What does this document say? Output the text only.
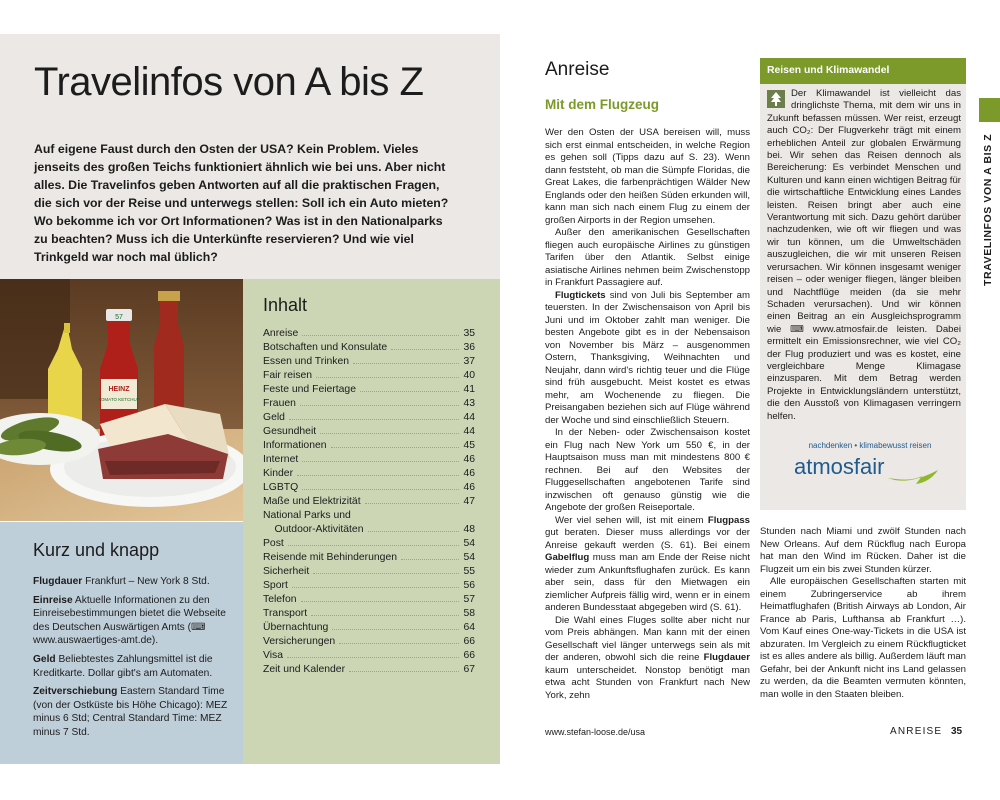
Travelinfos von A bis Z
Auf eigene Faust durch den Osten der USA? Kein Problem. Vieles jenseits des großen Teichs funktioniert ähnlich wie bei uns. Aber nicht alles. Die Travelinfos geben Antworten auf all die praktischen Fragen, die sich vor der Reise und unterwegs stellen: Soll ich ein Auto mieten? Wo bekomme ich vor Ort Informationen? Was ist in den Nationalparks zu beachten? Muss ich die Unterkünfte reservieren? Und wie viel Trinkgeld war noch mal üblich?
57
HEINZ
TOMATO KETCHUP
Kurz und knapp
Flugdauer Frankfurt – New York 8 Std.
Einreise Aktuelle Informationen zu den Einreisebestimmungen bietet die Webseite des Deutschen Auswärtigen Amts (⌨ www.auswaertiges-amt.de).
Geld Beliebtestes Zahlungsmittel ist die Kreditkarte. Dollar gibt's am Automaten.
Zeitverschiebung Eastern Standard Time (von der Ostküste bis Höhe Chicago): MEZ minus 6 Std; Central Standard Time: MEZ minus 7 Std.
Inhalt
Anreise	35
Botschaften und Konsulate	36
Essen und Trinken	37
Fair reisen	40
Feste und Feiertage	41
Frauen	43
Geld	44
Gesundheit	44
Informationen	45
Internet	46
Kinder	46
LGBTQ	46
Maße und Elektrizität	47
National Parks und
Outdoor-Aktivitäten	48
Post	54
Reisende mit Behinderungen	54
Sicherheit	55
Sport	56
Telefon	57
Transport	58
Übernachtung	64
Versicherungen	66
Visa	66
Zeit und Kalender	67
Anreise
Mit dem Flugzeug

Wer den Osten der USA bereisen will, muss sich erst einmal entscheiden, in welche Region es gehen soll (Tipps dazu auf S. 23). Wenn dann feststeht, ob man die Sümpfe Floridas, die Great Lakes, die farbenprächtigen Wälder New Englands oder den heißen Süden erkunden will, kann man sich nach einem Flug zu einem der großen Airports in der Region umsehen.

Außer den amerikanischen Gesellschaften fliegen auch europäische Airlines zu günstigen Tarifen über den Atlantik. Selbst einige asiatische Airlines nehmen beim Zwischenstopp in Frankfurt Passagiere auf.

Flugtickets sind von Juli bis September am teuersten. In der Zwischensaison von April bis Juni und im Oktober zahlt man weniger. Die besten Angebote gibt es in der Nebensaison von November bis März – ausgenommen Ostern, Thanksgiving, Weihnachten und Neujahr, dann wird's richtig teuer und die Flüge sind früh ausgebucht. Meist kostet es etwas mehr, am Wochenende zu fliegen. Die Preisangaben beziehen sich auf Flüge während der Woche und sind einschließlich Steuern.

In der Neben- oder Zwischensaison kostet ein Flug nach New York um 550 €, in der Hauptsaison muss man mit mindestens 800 € rechnen. Bei auf den Websites der Fluggesellschaften angebotenen Tarife sind inzwischen oft genauso günstig wie die Angebote der großen Reiseportale.

Wer viel sehen will, ist mit einem Flugpass gut beraten. Dieser muss allerdings vor der Anreise gekauft werden (S. 61). Bei einem Gabelflug muss man am Ende der Reise nicht wieder zum Ankunftsflughafen zurück. Es kann aber sein, dass für den Mietwagen ein ziemlicher Aufpreis fällig wird, wenn er in einem anderen Bundesstaat abgegeben wird (S. 61).

Die Wahl eines Fluges sollte aber nicht nur vom Preis abhängen. Man kann mit der einen Gesellschaft viel länger unterwegs sein als mit der anderen, obwohl sich die reine Flugdauer kaum unterscheidet. Nonstop benötigt man etwa acht Stunden von Frankfurt nach New York, zehn

Stunden nach Miami und zwölf Stunden nach New Orleans. Auf dem Rückflug nach Europa hat man den Wind im Rücken. Daher ist die Flugzeit um ein bis zwei Stunden kürzer.

Alle europäischen Gesellschaften starten mit einem Zubringerservice ab ihrem Heimatflughafen (British Airways ab London, Air France ab Paris, Lufthansa ab Frankfurt …). Vom Kauf eines One-way-Tickets in die USA ist abzuraten. Im Vergleich zu einem Rückflugticket ist es alles andere als billig. Außerdem läuft man Gefahr, bei der Ankunft nicht ins Land gelassen zu werden, da die Beamten vermuten könnten, man wolle in den Staaten bleiben.

Reisen und Klimawandel
Der Klimawandel ist vielleicht das dringlichste Thema, mit dem wir uns in Zukunft befassen müssen. Wer reist, erzeugt auch CO₂: Der Flugverkehr trägt mit einem erheblichen Anteil zur globalen Erwärmung bei. Wir sehen das Reisen dennoch als Bereicherung: Es verbindet Menschen und Kulturen und kann einen wichtigen Beitrag für die wirtschaftliche Entwicklung eines Landes leisten. Reisen bringt aber auch eine Verantwortung mit sich. Dazu gehört darüber nachzudenken, wie oft wir fliegen und was wir tun können, um die Umweltschäden auszugleichen, die wir mit unseren Reisen verursachen. Wir können insgesamt weniger reisen – oder weniger fliegen, länger bleiben und Nachtflüge meiden (da sie mehr Schaden verursachen). Und wir können einen Beitrag an ein Ausgleichsprogramm wie ⌨ www.atmosfair.de leisten. Dabei ermittelt ein Emissionsrechner, wie viel CO₂ der Flug produziert und was es kostet, eine vergleichbare Menge Klimagase einzusparen. Mit dem Betrag werden Projekte in Entwicklungsländern unterstützt, die den Ausstoß von Klimagasen verringern helfen.
nachdenken • klimabewusst reisen
atmosfair
TRAVELINFOS VON A BIS Z
www.stefan-loose.de/usa	ANREISE 35
